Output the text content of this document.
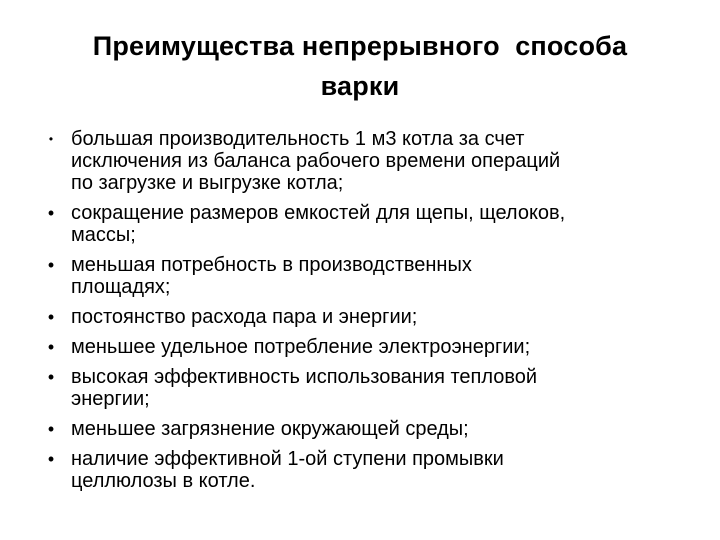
Преимущества непрерывного  способа
варки
• большая производительность 1 м3 котла за счет
исключения из баланса рабочего времени операций
по загрузке и выгрузке котла;
• сокращение размеров емкостей для щепы, щелоков,
массы;
• меньшая потребность в производственных
площадях;
• постоянство расхода пара и энергии;
• меньшее удельное потребление электроэнергии;
• высокая эффективность использования тепловой
энергии;
• меньшее загрязнение окружающей среды;
• наличие эффективной 1-ой ступени промывки
целлюлозы в котле.
